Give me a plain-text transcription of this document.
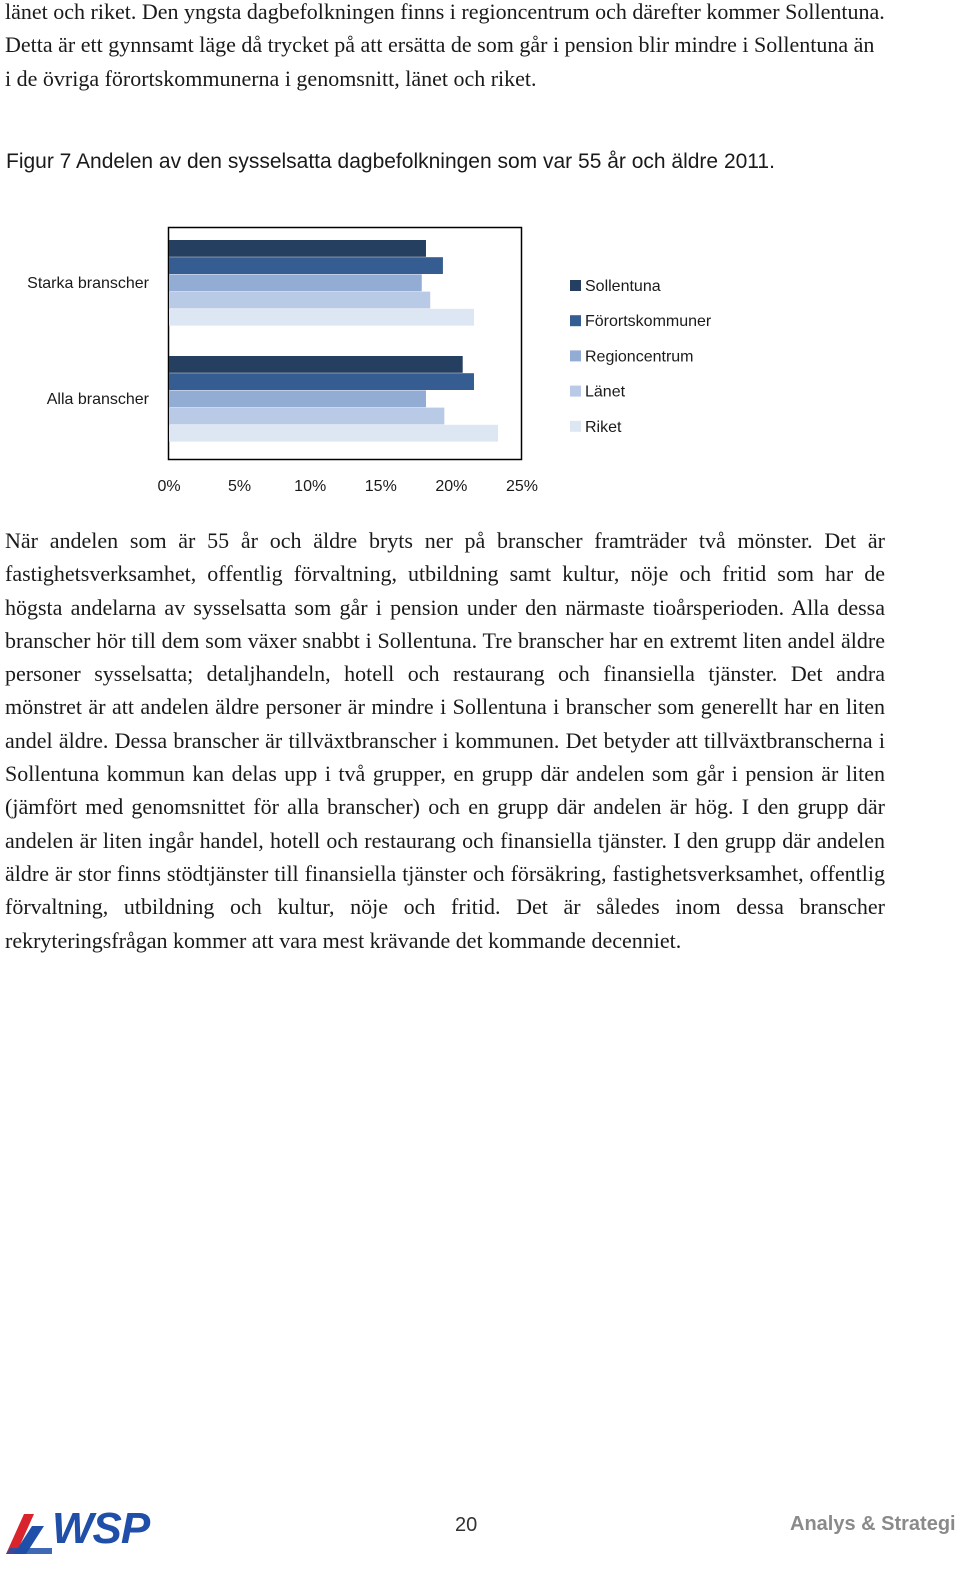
länet och riket. Den yngsta dagbefolkningen finns i regioncentrum och därefter kommer Sollentuna. Detta är ett gynnsamt läge då trycket på att ersätta de som går i pension blir mindre i Sollentuna än i de övriga förortskommunerna i genomsnitt, länet och riket.

Figur 7 Andelen av den sysselsatta dagbefolkningen som var 55 år och äldre 2011.

Starka branscher
Alla branscher
0%	5%	10% 15% 20% 25%
Sollentuna
Förortskommuner
Regioncentrum
Länet
Riket
WSP

När andelen som är 55 år och äldre bryts ner på branscher framträder två mönster. Det är fastighetsverksamhet, offentlig förvaltning, utbildning samt kultur, nöje och fritid som har de högsta andelarna av sysselsatta som går i pension under den närmaste tioårsperioden. Alla dessa branscher hör till dem som växer snabbt i Sollentuna. Tre branscher har en extremt liten andel äldre personer sysselsatta; detaljhandeln, hotell och restaurang och finansiella tjänster. Det andra mönstret är att andelen äldre personer är mindre i Sollentuna i branscher som generellt har en liten andel äldre. Dessa branscher är tillväxtbranscher i kommunen. Det betyder att tillväxtbranscherna i Sollentuna kommun kan delas upp i två grupper, en grupp där andelen som går i pension är liten (jämfört med genomsnittet för alla branscher) och en grupp där andelen är hög. I den grupp där andelen är liten ingår handel, hotell och restaurang och finansiella tjänster. I den grupp där andelen äldre är stor finns stödtjänster till finansiella tjänster och försäkring, fastighetsverksamhet, offentlig förvaltning, utbildning och kultur, nöje och fritid. Det är således inom dessa branscher rekryteringsfrågan kommer att vara mest krävande det kommande decenniet.

20	Analys & Strategi
